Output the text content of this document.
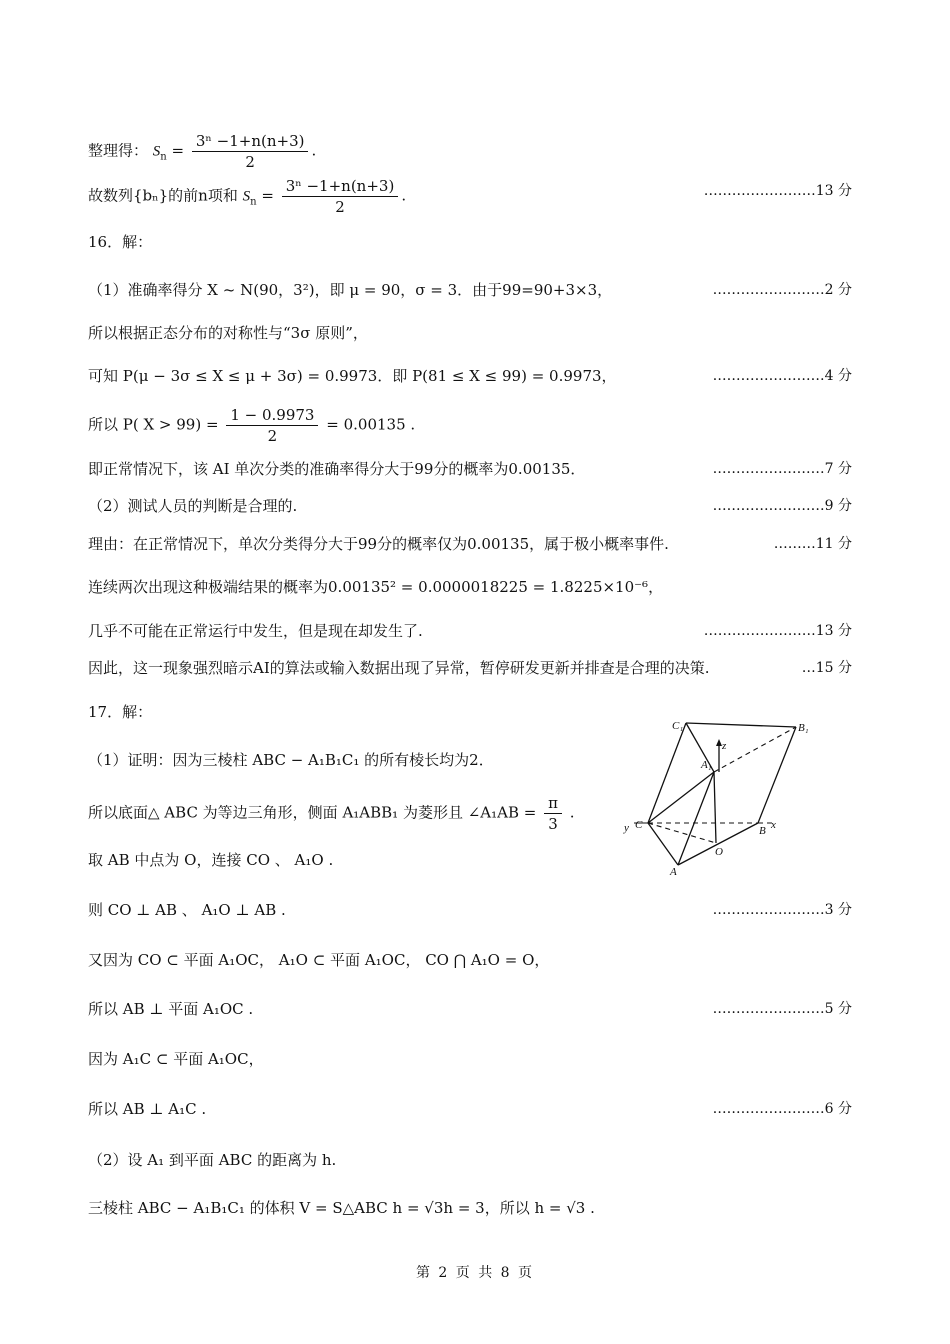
整理得： $S_n = \frac{\text{3ⁿ −1+n(n+3)}}{2}$ .
故数列{bₙ}的前n项和 $S_n = \frac{\text{3ⁿ −1+n(n+3)}}{2}$ .	……………………13 分
16．解：
（1）准确率得分 X ~ N(90，3²)，即 μ = 90，σ = 3．由于99=90+3×3，	……………………2 分
所以根据正态分布的对称性与“3σ 原则”，
可知 P(μ − 3σ ≤ X ≤ μ + 3σ) = 0.9973．即 P(81 ≤ X ≤ 99) = 0.9973，	……………………4 分
所以 P( $X > 99) = \frac{1 - 0.9973}{2} = 0.00135$ .
即正常情况下，该 AI 单次分类的准确率得分大于99分的概率为0.00135．	……………………7 分
（2）测试人员的判断是合理的.	……………………9 分
理由：在正常情况下，单次分类得分大于99分的概率仅为0.00135，属于极小概率事件.	………11 分
连续两次出现这种极端结果的概率为0.00135² = 0.0000018225 = 1.8225×10⁻⁶，
几乎不可能在正常运行中发生，但是现在却发生了.	……………………13 分
因此，这一现象强烈暗示AI的算法或输入数据出现了异常，暂停研发更新并排查是合理的决策.	…15 分
17．解：
（1）证明：因为三棱柱 ABC − A₁B₁C₁ 的所有棱长均为2．
所以底面△ ABC 为等边三角形，侧面 A₁ABB₁ 为菱形且 ∠A₁AB = $\frac{\pi}{3}$ .
取 AB 中点为 O，连接 CO 、 A₁O .
则 CO ⊥ AB 、 A₁O ⊥ AB .	……………………3 分
又因为 CO ⊂ 平面 A₁OC， A₁O ⊂ 平面 A₁OC， CO ⋂ A₁O = O，
所以 AB ⊥ 平面 A₁OC .	……………………5 分
因为 A₁C ⊂ 平面 A₁OC，
所以 AB ⊥ A₁C .	……………………6 分
（2）设 A₁ 到平面 ABC 的距离为 h.
三棱柱 ABC − A₁B₁C₁ 的体积 V = S△ABC h = √3h = 3，所以 h = √3 .
C₁	B₁
A₁
z
y C	B x
O
A
第 2 页 共 8 页
